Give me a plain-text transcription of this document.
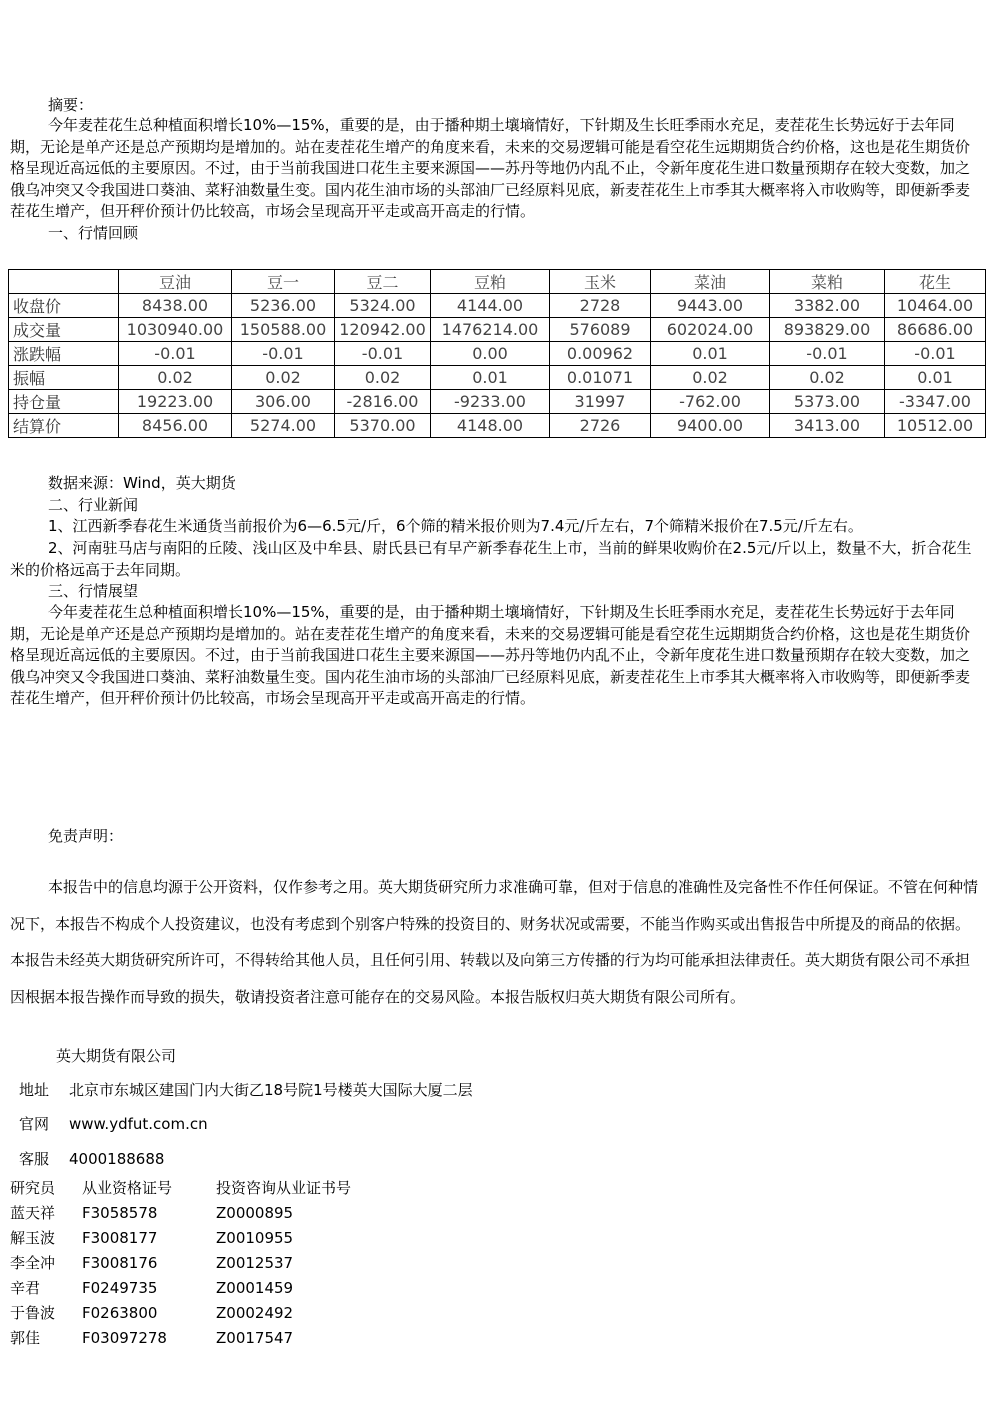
摘要：

今年麦茬花生总种植面积增长10%—15%，重要的是，由于播种期土壤墒情好，下针期及生长旺季雨水充足，麦茬花生长势远好于去年同期，无论是单产还是总产预期均是增加的。站在麦茬花生增产的角度来看，未来的交易逻辑可能是看空花生远期期货合约价格，这也是花生期货价格呈现近高远低的主要原因。不过，由于当前我国进口花生主要来源国——苏丹等地仍内乱不止，令新年度花生进口数量预期存在较大变数，加之俄乌冲突又令我国进口葵油、菜籽油数量生变。国内花生油市场的头部油厂已经原料见底，新麦茬花生上市季其大概率将入市收购等，即便新季麦茬花生增产，但开秤价预计仍比较高，市场会呈现高开平走或高开高走的行情。

一、行情回顾
	豆油	豆一	豆二	豆粕	玉米	菜油	菜粕	花生
收盘价	8438.00	5236.00	5324.00	4144.00	2728	9443.00	3382.00	10464.00
成交量	1030940.00	150588.00	120942.00	1476214.00	576089	602024.00	893829.00	86686.00
涨跌幅	-0.01	-0.01	-0.01	0.00	0.00962	0.01	-0.01	-0.01
振幅	0.02	0.02	0.02	0.01	0.01071	0.02	0.02	0.01
持仓量	19223.00	306.00	-2816.00	-9233.00	31997	-762.00	5373.00	-3347.00
结算价	8456.00	5274.00	5370.00	4148.00	2726	9400.00	3413.00	10512.00
数据来源：Wind，英大期货
二、行业新闻

1、江西新季春花生米通货当前报价为6—6.5元/斤，6个筛的精米报价则为7.4元/斤左右，7个筛精米报价在7.5元/斤左右。

2、河南驻马店与南阳的丘陵、浅山区及中牟县、尉氏县已有早产新季春花生上市，当前的鲜果收购价在2.5元/斤以上，数量不大，折合花生米的价格远高于去年同期。

三、行情展望

今年麦茬花生总种植面积增长10%—15%，重要的是，由于播种期土壤墒情好，下针期及生长旺季雨水充足，麦茬花生长势远好于去年同期，无论是单产还是总产预期均是增加的。站在麦茬花生增产的角度来看，未来的交易逻辑可能是看空花生远期期货合约价格，这也是花生期货价格呈现近高远低的主要原因。不过，由于当前我国进口花生主要来源国——苏丹等地仍内乱不止，令新年度花生进口数量预期存在较大变数，加之俄乌冲突又令我国进口葵油、菜籽油数量生变。国内花生油市场的头部油厂已经原料见底，新麦茬花生上市季其大概率将入市收购等，即便新季麦茬花生增产，但开秤价预计仍比较高，市场会呈现高开平走或高开高走的行情。

免责声明：

本报告中的信息均源于公开资料，仅作参考之用。英大期货研究所力求准确可靠，但对于信息的准确性及完备性不作任何保证。不管在何种情况下，本报告不构成个人投资建议，也没有考虑到个别客户特殊的投资目的、财务状况或需要，不能当作购买或出售报告中所提及的商品的依据。本报告未经英大期货研究所许可，不得转给其他人员，且任何引用、转载以及向第三方传播的行为均可能承担法律责任。英大期货有限公司不承担因根据本报告操作而导致的损失，敬请投资者注意可能存在的交易风险。本报告版权归英大期货有限公司所有。

英大期货有限公司
地址 北京市东城区建国门内大街乙18号院1号楼英大国际大厦二层
官网 www.ydfut.com.cn
客服 4000188688
研究员 从业资格证号	投资咨询从业证书号
蓝天祥 F3058578	Z0000895
解玉波 F3008177	Z0010955
李全冲 F3008176	Z0012537
辛君	F0249735	Z0001459
于鲁波 F0263800	Z0002492
郭佳	F03097278	Z0017547
